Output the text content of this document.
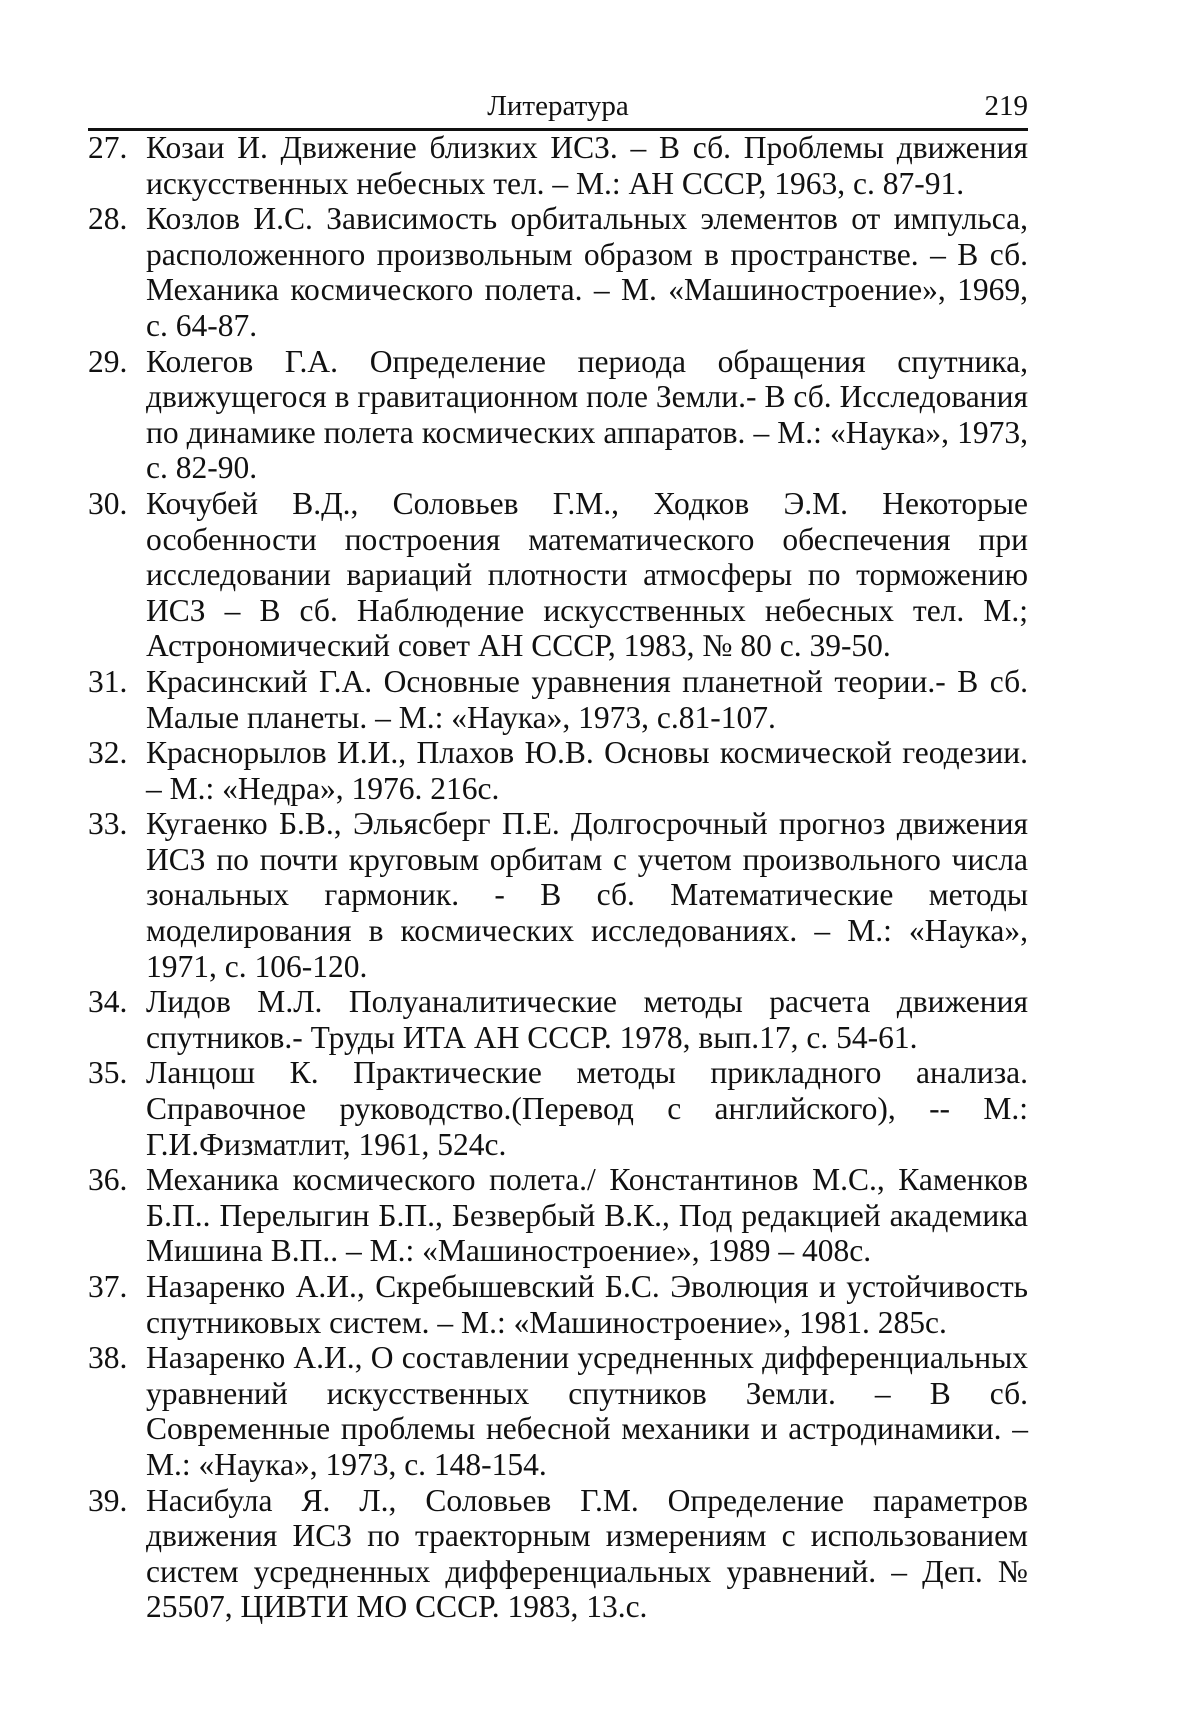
Литература	219
27. Козаи И. Движение близких ИСЗ. – В сб. Проблемы движения искусственных небесных тел. – М.: АН СССР, 1963, с. 87-91.
28. Козлов И.С. Зависимость орбитальных элементов от импульса, расположенного произвольным образом в пространстве. – В сб. Механика космического полета. – М. «Машиностроение», 1969, с. 64-87.
29. Колегов Г.А. Определение периода обращения спутника, движущегося в гравитационном поле Земли.- В сб. Исследования по динамике полета космических аппаратов. – М.: «Наука», 1973, с. 82-90.
30. Кочубей В.Д., Соловьев Г.М., Ходков Э.М. Некоторые особенности построения математического обеспечения при исследовании вариаций плотности атмосферы по торможению ИСЗ – В сб. Наблюдение искусственных небесных тел. М.; Астрономический совет АН СССР, 1983, № 80 с. 39-50.
31. Красинский Г.А. Основные уравнения планетной теории.- В сб. Малые планеты. – М.: «Наука», 1973, с.81-107.
32. Краснорылов И.И., Плахов Ю.В. Основы космической геодезии. – М.: «Недра», 1976. 216с.
33. Кугаенко Б.В., Эльясберг П.Е. Долгосрочный прогноз движения ИСЗ по почти круговым орбитам с учетом произвольного числа зональных гармоник. - В сб. Математические методы моделирования в космических исследованиях. – М.: «Наука», 1971, с. 106-120.
34. Лидов М.Л. Полуаналитические методы расчета движения спутников.- Труды ИТА АН СССР. 1978, вып.17, с. 54-61.
35. Ланцош К. Практические методы прикладного анализа. Справочное руководство.(Перевод с английского), -- М.: Г.И.Физматлит, 1961, 524с.
36. Механика космического полета./ Константинов М.С., Каменков Б.П.. Перелыгин Б.П., Безвербый В.К., Под редакцией академика Мишина В.П.. – М.: «Машиностроение», 1989 – 408с.
37. Назаренко А.И., Скребышевский Б.С. Эволюция и устойчивость спутниковых систем. – М.: «Машиностроение», 1981. 285с.
38. Назаренко А.И., О составлении усредненных дифференциальных уравнений искусственных спутников Земли. – В сб. Современные проблемы небесной механики и астродинамики. – М.: «Наука», 1973, с. 148-154.
39. Насибула Я. Л., Соловьев Г.М. Определение параметров движения ИСЗ по траекторным измерениям с использованием систем усредненных дифференциальных уравнений. – Деп. № 25507, ЦИВТИ МО СССР. 1983, 13.с.
